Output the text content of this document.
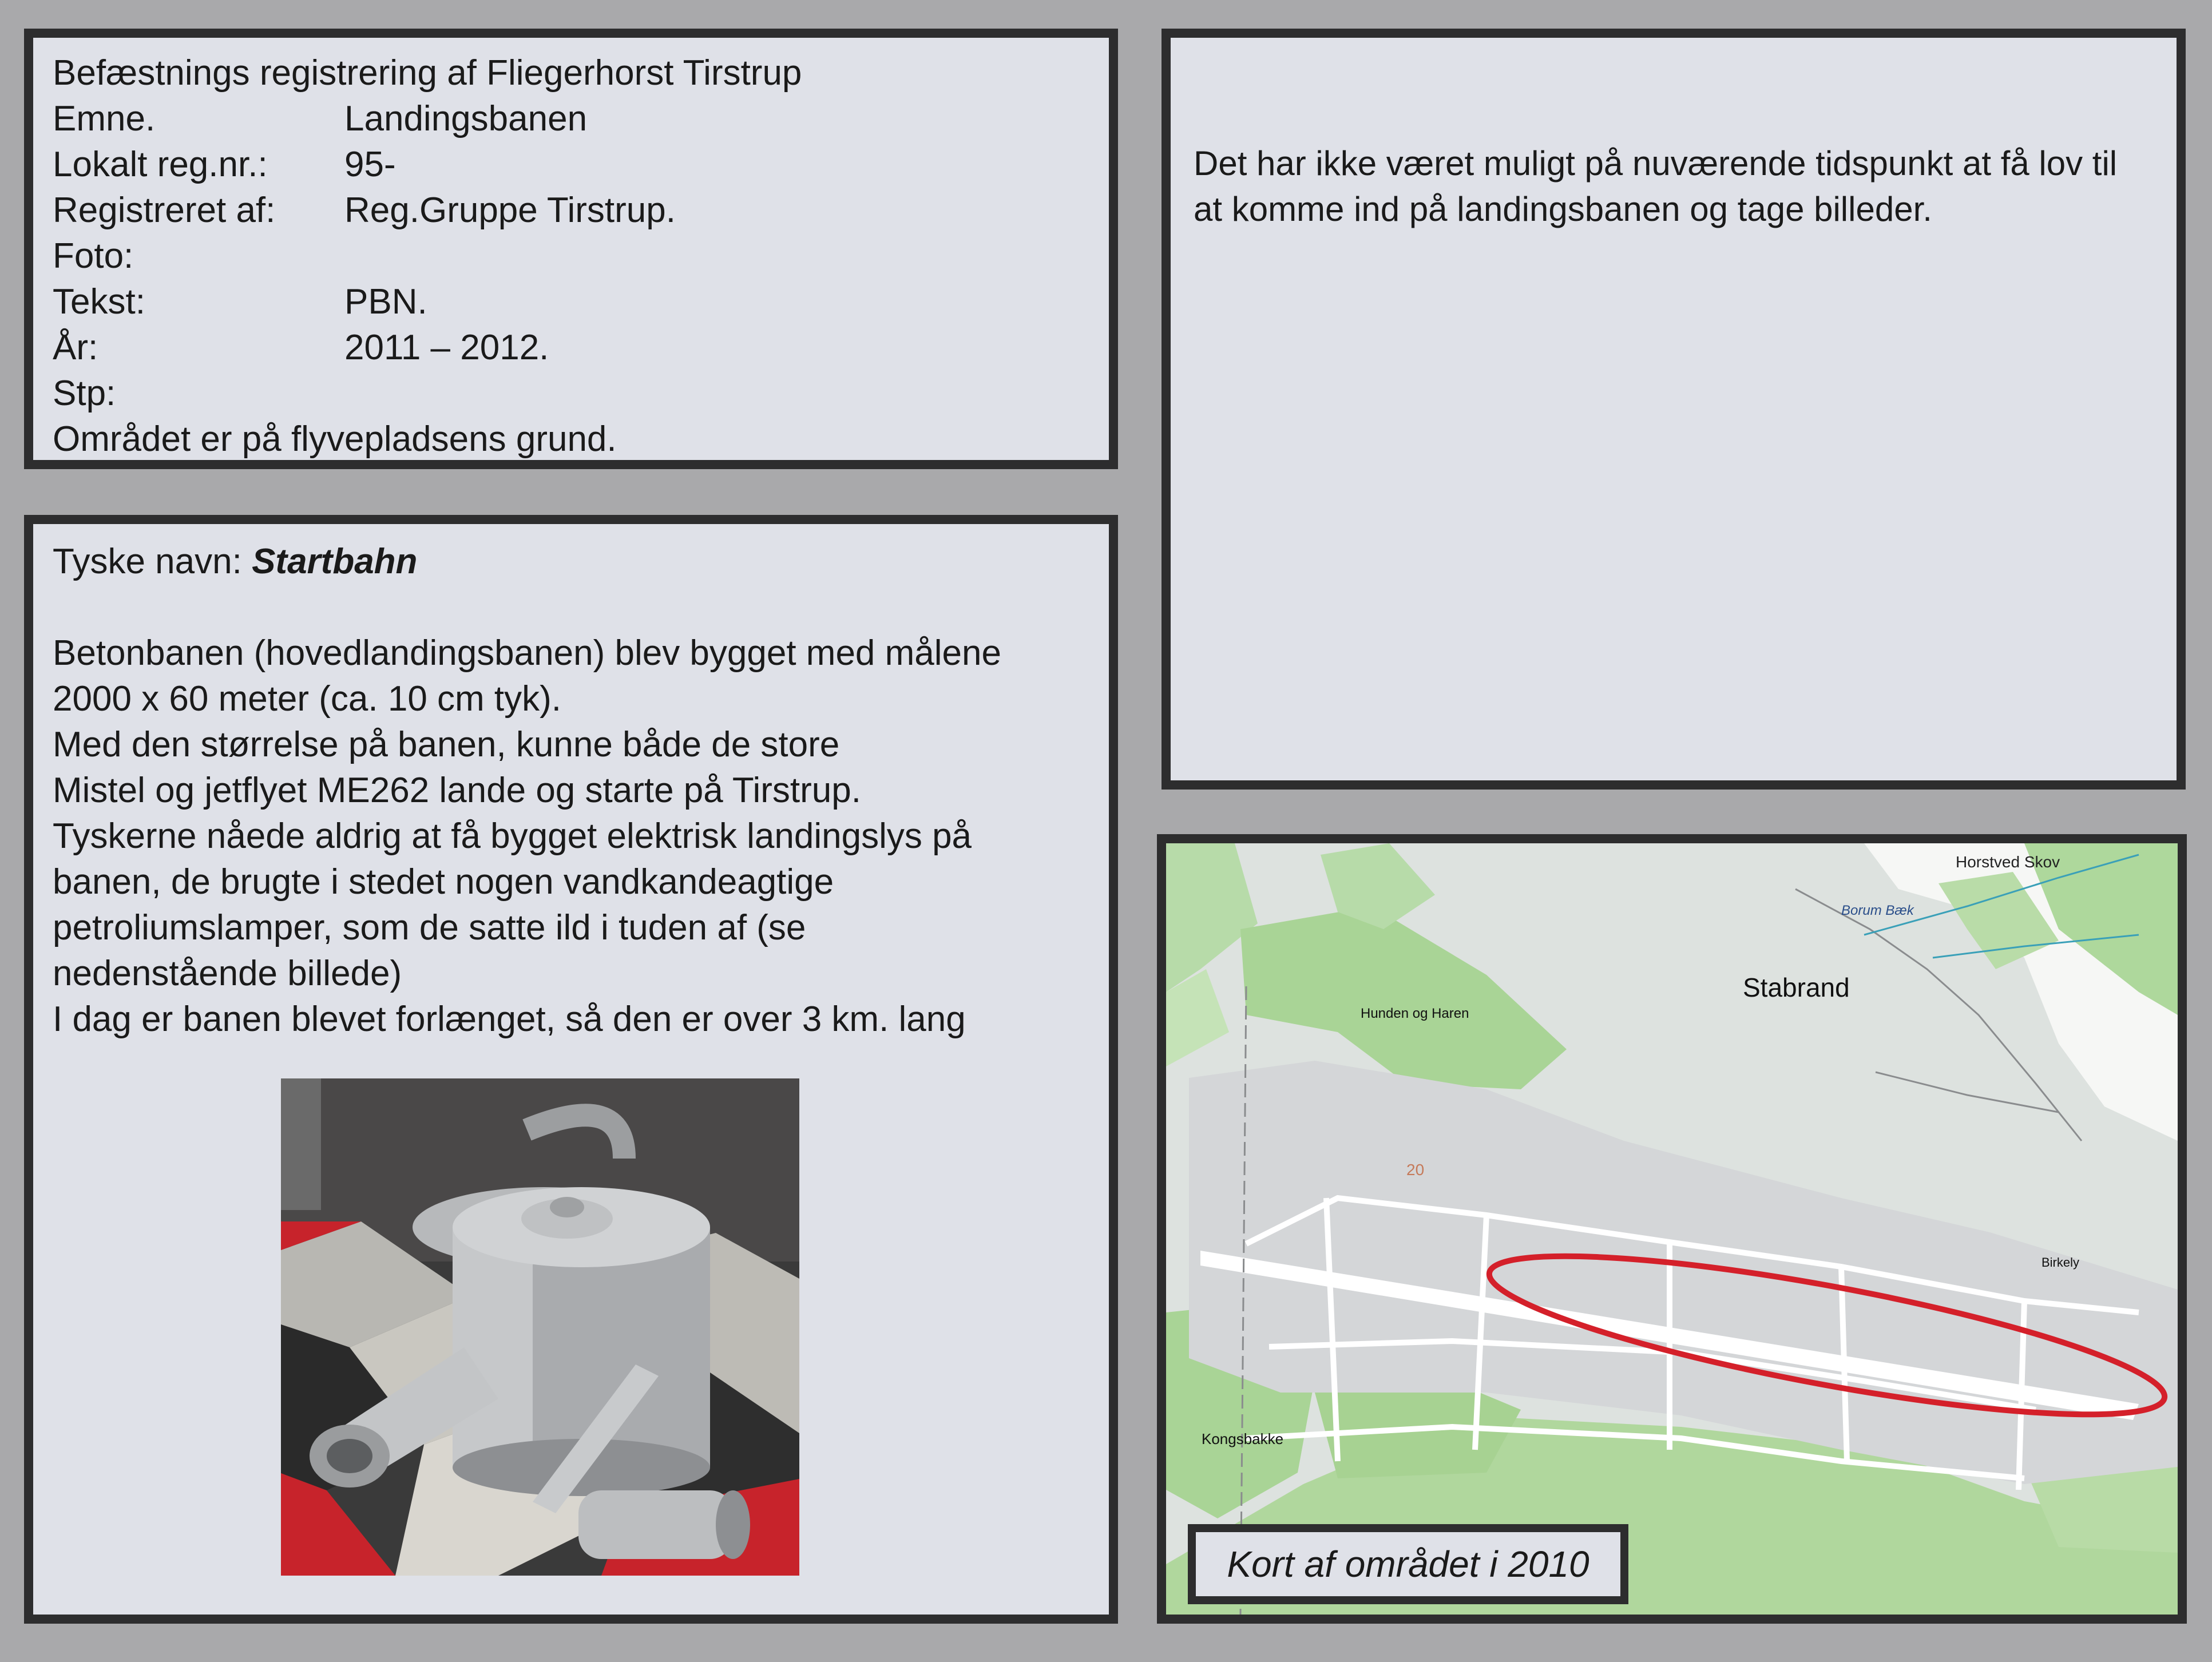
Befæstnings registrering af Fliegerhorst Tirstrup
Emne.	Landingsbanen
Lokalt reg.nr.: 95-
Registreret af: Reg.Gruppe Tirstrup.
Foto:
Tekst:	PBN.
År:	2011 – 2012.
Stp:
Området er på flyvepladsens grund.
Det har ikke været muligt på nuværende tidspunkt at få lov til at komme ind på landingsbanen og tage billeder.
Tyske navn: Startbahn
Betonbanen (hovedlandingsbanen) blev bygget med målene
2000 x 60 meter (ca. 10 cm tyk).
Med den størrelse på banen, kunne både de store
Mistel og jetflyet ME262 lande og starte på Tirstrup.
Tyskerne nåede aldrig at få bygget elektrisk landingslys på
banen, de brugte i stedet nogen vandkandeagtige
petroliumslamper, som de satte ild i tuden af (se
nedenstående billede)
I dag er banen blevet forlænget, så den er over 3 km. lang
Horstved Skov
Borum Bæk
Stabrand
Hunden og Haren
Birkely
Kongsbakke
20
Kort af området i 2010
